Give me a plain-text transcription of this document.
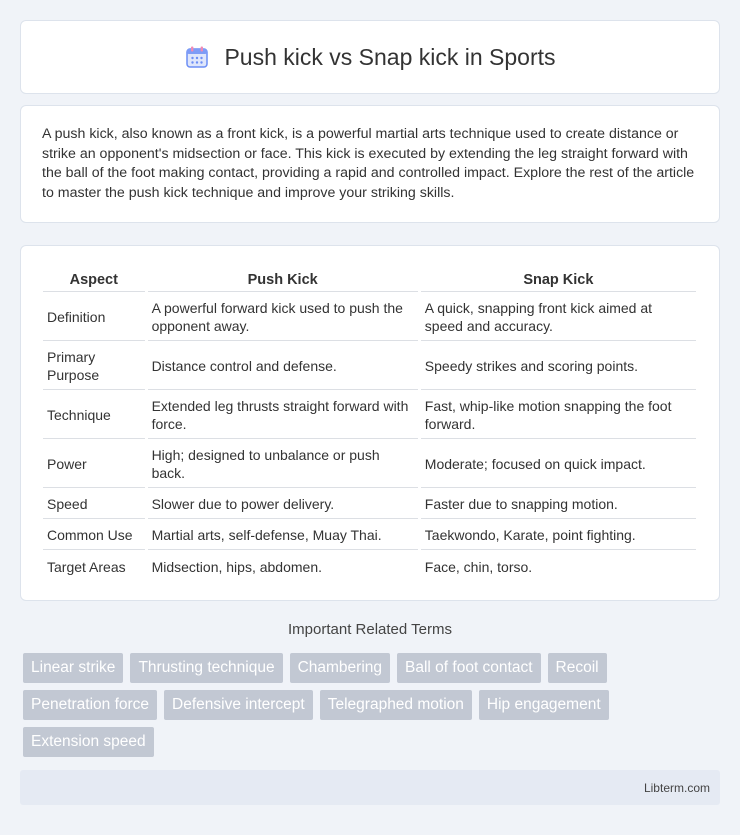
Push kick vs Snap kick in Sports

A push kick, also known as a front kick, is a powerful martial arts technique used to create distance or strike an opponent's midsection or face. This kick is executed by extending the leg straight forward with the ball of the foot making contact, providing a rapid and controlled impact. Explore the rest of the article to master the push kick technique and improve your striking skills.

Aspect	Push Kick	Snap Kick
Definition	A powerful forward kick used to push the opponent away.	A quick, snapping front kick aimed at speed and accuracy.
Primary Purpose	Distance control and defense.	Speedy strikes and scoring points.
Technique	Extended leg thrusts straight forward with force.	Fast, whip-like motion snapping the foot forward.
Power	High; designed to unbalance or push back.	Moderate; focused on quick impact.
Speed	Slower due to power delivery.	Faster due to snapping motion.
Common Use	Martial arts, self-defense, Muay Thai.	Taekwondo, Karate, point fighting.
Target Areas	Midsection, hips, abdomen.	Face, chin, torso.
Important Related Terms
Linear strike	Thrusting technique	Chambering	Ball of foot contact	Recoil
Penetration force	Defensive intercept	Telegraphed motion	Hip engagement
Extension speed
Libterm.com
